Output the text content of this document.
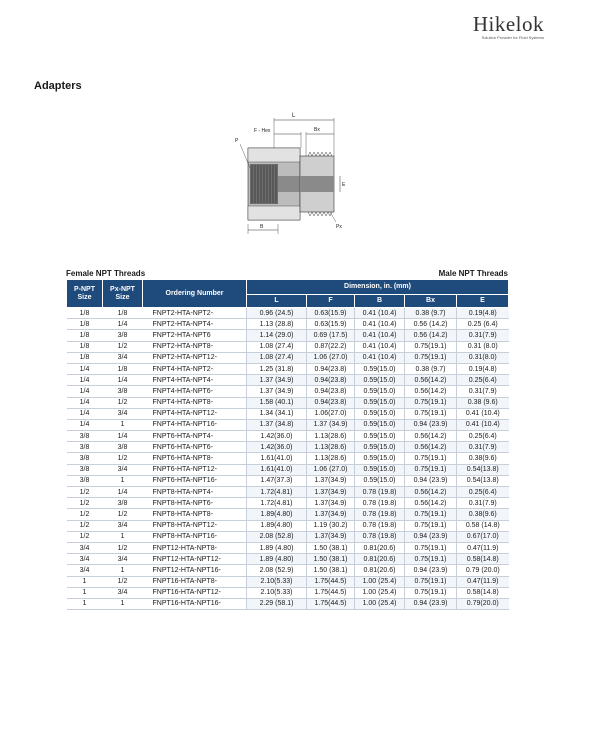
Hikelok
Solution Provider for Fluid Systems
Adapters
L
F - Hex	Bx
E
P
Px
B
Female NPT Threads	Male NPT Threads
P-NPT Size	Px-NPT Size	Ordering Number	Dimension, in. (mm)				
			L	F	B	Bx	E
1/8	1/8	FNPT2-HTA-NPT2-	0.96 (24.5)	0.63(15.9)	0.41 (10.4)	0.38 (9.7)	0.19(4.8)
1/8	1/4	FNPT2-HTA-NPT4-	1.13 (28.8)	0.63(15.9)	0.41 (10.4)	0.56 (14.2)	0.25 (6.4)
1/8	3/8	FNPT2-HTA-NPT6	1.14 (29.0)	0.69 (17.5)	0.41 (10.4)	0.56 (14.2)	0.31(7.9)
1/8	1/2	FNPT2-HTA-NPT8-	1.08 (27.4)	0.87(22.2)	0.41 (10.4)	0.75(19.1)	0.31 (8.0)
1/8	3/4	FNPT2-HTA-NPT12-	1.08 (27.4)	1.06 (27.0)	0.41 (10.4)	0.75(19.1)	0.31(8.0)
1/4	1/8	FNPT4-HTA-NPT2-	1.25 (31.8)	0.94(23.8)	0.59(15.0)	0.38 (9.7)	0.19(4.8)
1/4	1/4	FNPT4-HTA-NPT4-	1.37 (34.9)	0.94(23.8)	0.59(15.0)	0.56(14.2)	0.25(6.4)
1/4	3/8	FNPT4-HTA-NPT6-	1.37 (34.9)	0.94(23.8)	0.59(15.0)	0.56(14.2)	0.31(7.9)
1/4	1/2	FNPT4-HTA-NPT8-	1.58 (40.1)	0.94(23.8)	0.59(15.0)	0.75(19.1)	0.38 (9.6)
1/4	3/4	FNPT4-HTA-NPT12-	1.34 (34.1)	1.06(27.0)	0.59(15.0)	0.75(19.1)	0.41 (10.4)
1/4	1	FNPT4-HTA-NPT16-	1.37 (34.8)	1.37 (34.9)	0.59(15.0)	0.94 (23.9)	0.41 (10.4)
3/8	1/4	FNPT6-HTA-NPT4-	1.42(36.0)	1.13(28.6)	0.59(15.0)	0.56(14.2)	0.25(6.4)
3/8	3/8	FNPT6-HTA-NPT6-	1.42(36.0)	1.13(28.6)	0.59(15.0)	0.56(14.2)	0.31(7.9)
3/8	1/2	FNPT6-HTA-NPT8-	1.61(41.0)	1.13(28.6)	0.59(15.0)	0.75(19.1)	0.38(9.6)
3/8	3/4	FNPT6-HTA-NPT12-	1.61(41.0)	1.06 (27.0)	0.59(15.0)	0.75(19.1)	0.54(13.8)
3/8	1	FNPT6-HTA-NPT16-	1.47(37.3)	1.37(34.9)	0.59(15.0)	0.94 (23.9)	0.54(13.8)
1/2	1/4	FNPT8-HTA-NPT4-	1.72(4.81)	1.37(34.9)	0.78 (19.8)	0.56(14.2)	0.25(6.4)
1/2	3/8	FNPT8-HTA-NPT6-	1.72(4.81)	1.37(34.9)	0.78 (19.8)	0.56(14.2)	0.31(7.9)
1/2	1/2	FNPT8-HTA-NPT8-	1.89(4.80)	1.37(34.9)	0.78 (19.8)	0.75(19.1)	0.38(9.6)
1/2	3/4	FNPT8-HTA-NPT12-	1.89(4.80)	1.19 (30.2)	0.78 (19.8)	0.75(19.1)	0.58 (14.8)
1/2	1	FNPT8-HTA-NPT16-	2.08 (52.8)	1.37(34.9)	0.78 (19.8)	0.94 (23.9)	0.67(17.0)
3/4	1/2	FNPT12-HTA-NPT8-	1.89 (4.80)	1.50 (38.1)	0.81(20.6)	0.75(19.1)	0.47(11.9)
3/4	3/4	FNPT12-HTA-NPT12-	1.89 (4.80)	1.50 (38.1)	0.81(20.6)	0.75(19.1)	0.58(14.8)
3/4	1	FNPT12-HTA-NPT16-	2.08 (52.9)	1.50 (38.1)	0.81(20.6)	0.94 (23.9)	0.79 (20.0)
1	1/2	FNPT16-HTA-NPT8-	2.10(5.33)	1.75(44.5)	1.00 (25.4)	0.75(19.1)	0.47(11.9)
1	3/4	FNPT16-HTA-NPT12-	2.10(5.33)	1.75(44.5)	1.00 (25.4)	0.75(19.1)	0.58(14.8)
1	1	FNPT16-HTA-NPT16-	2.29 (58.1)	1.75(44.5)	1.00 (25.4)	0.94 (23.9)	0.79(20.0)
